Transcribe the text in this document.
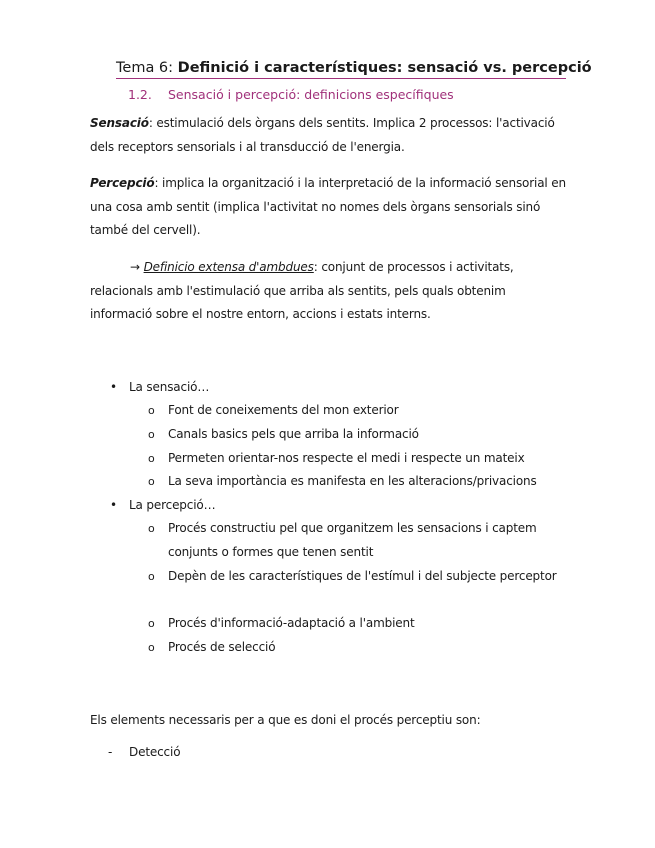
Tema 6: Definició i característiques: sensació vs. percepció
1.2. Sensació i percepció: definicions específiques
Sensació: estimulació dels òrgans dels sentits. Implica 2 processos: l'activació dels receptors sensorials i al transducció de l'energia.
Percepció: implica la organització i la interpretació de la informació sensorial en una cosa amb sentit (implica l'activitat no nomes dels òrgans sensorials sinó també del cervell).
→ Definicio extensa d'ambdues: conjunt de processos i activitats, relacionals amb l'estimulació que arriba als sentits, pels quals obtenim informació sobre el nostre entorn, accions i estats interns.
• La sensació…
o Font de coneixements del mon exterior
o Canals basics pels que arriba la informació
o Permeten orientar-nos respecte el medi i respecte un mateix
o La seva importància es manifesta en les alteracions/privacions
• La percepció…
o Procés constructiu pel que organitzem les sensacions i captem conjunts o formes que tenen sentit
o Depèn de les característiques de l'estímul i del subjecte perceptor
o Procés d'informació-adaptació a l'ambient
o Procés de selecció
Els elements necessaris per a que es doni el procés perceptiu son:
- Detecció
